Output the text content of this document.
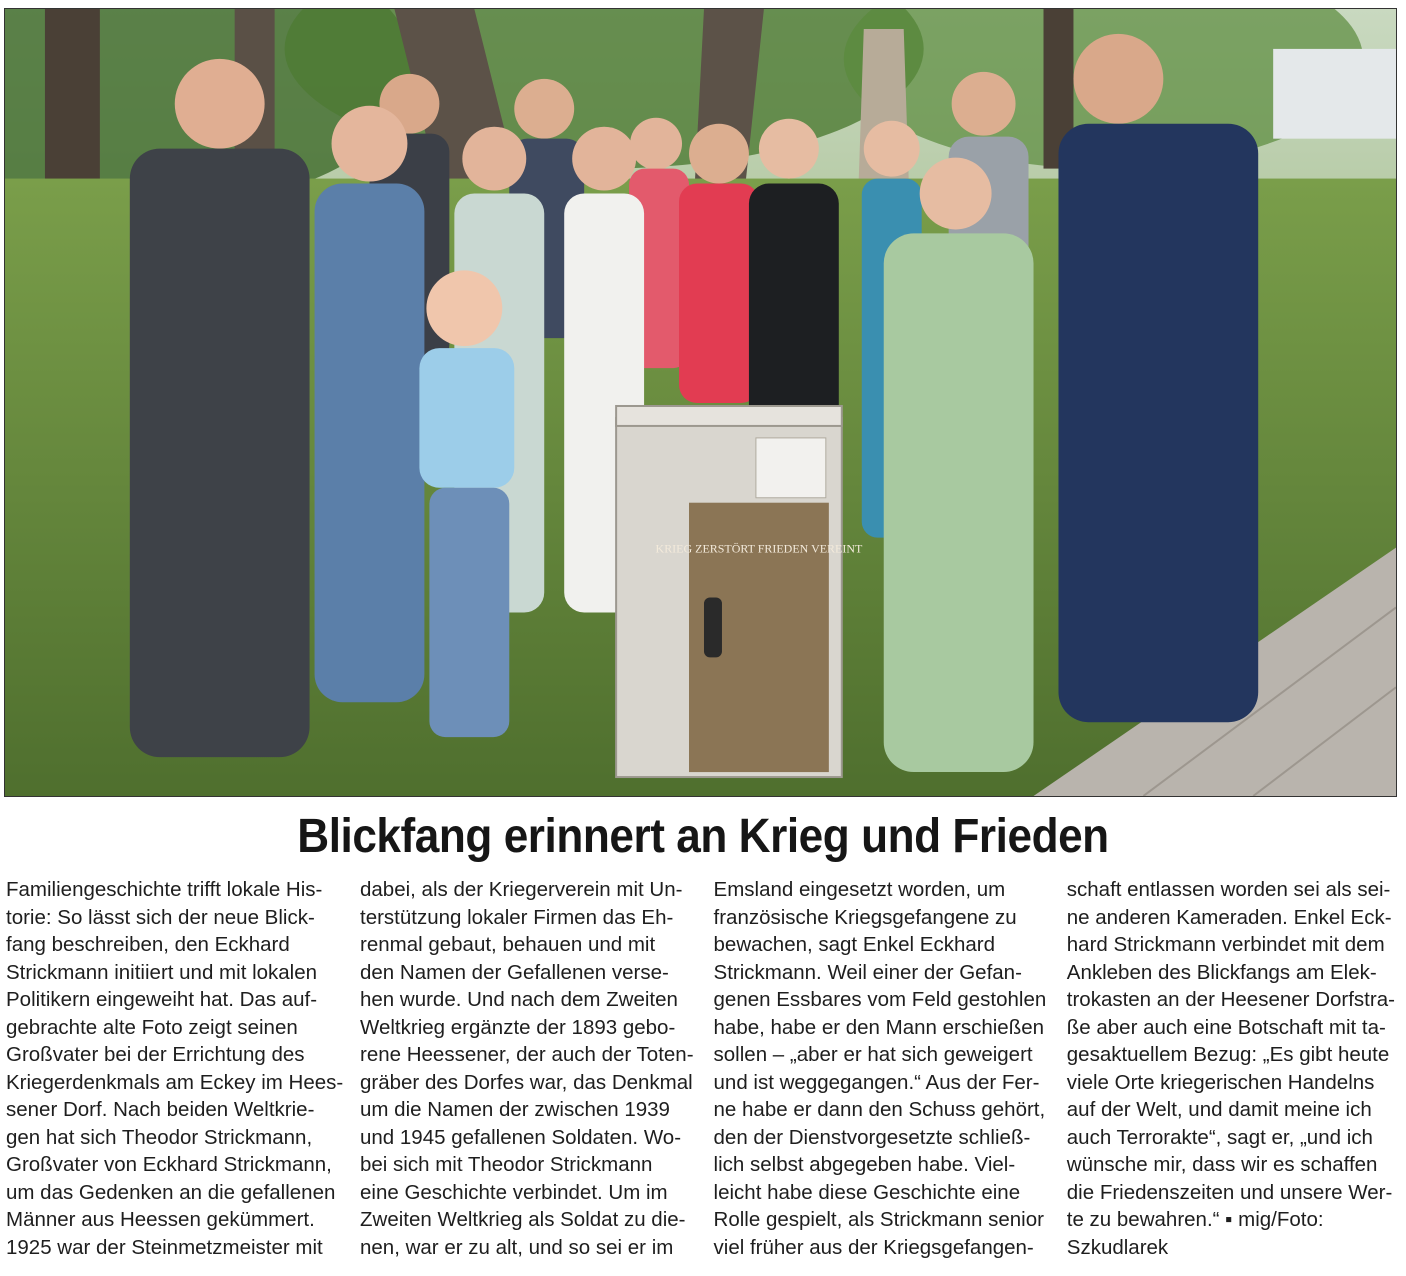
KRIEG ZERSTÖRT FRIEDEN VEREINT
Blickfang erinnert an Krieg und Frieden
Familiengeschichte trifft lokale His-
torie: So lässt sich der neue Blick-
fang beschreiben, den Eckhard
Strickmann initiiert und mit lokalen
Politikern eingeweiht hat. Das auf-
gebrachte alte Foto zeigt seinen
Großvater bei der Errichtung des
Kriegerdenkmals am Eckey im Hees-
sener Dorf. Nach beiden Weltkrie-
gen hat sich Theodor Strickmann,
Großvater von Eckhard Strickmann,
um das Gedenken an die gefallenen
Männer aus Heessen gekümmert.
1925 war der Steinmetzmeister mit
dabei, als der Kriegerverein mit Un-
terstützung lokaler Firmen das Eh-
renmal gebaut, behauen und mit
den Namen der Gefallenen verse-
hen wurde. Und nach dem Zweiten
Weltkrieg ergänzte der 1893 gebo-
rene Heessener, der auch der Toten-
gräber des Dorfes war, das Denkmal
um die Namen der zwischen 1939
und 1945 gefallenen Soldaten. Wo-
bei sich mit Theodor Strickmann
eine Geschichte verbindet. Um im
Zweiten Weltkrieg als Soldat zu die-
nen, war er zu alt, und so sei er im
Emsland eingesetzt worden, um
französische Kriegsgefangene zu
bewachen, sagt Enkel Eckhard
Strickmann. Weil einer der Gefan-
genen Essbares vom Feld gestohlen
habe, habe er den Mann erschießen
sollen – „aber er hat sich geweigert
und ist weggegangen.“ Aus der Fer-
ne habe er dann den Schuss gehört,
den der Dienstvorgesetzte schließ-
lich selbst abgegeben habe. Viel-
leicht habe diese Geschichte eine
Rolle gespielt, als Strickmann senior
viel früher aus der Kriegsgefangen-
schaft entlassen worden sei als sei-
ne anderen Kameraden. Enkel Eck-
hard Strickmann verbindet mit dem
Ankleben des Blickfangs am Elek-
trokasten an der Heesener Dorfstra-
ße aber auch eine Botschaft mit ta-
gesaktuellem Bezug: „Es gibt heute
viele Orte kriegerischen Handelns
auf der Welt, und damit meine ich
auch Terrorakte“, sagt er, „und ich
wünsche mir, dass wir es schaffen
die Friedenszeiten und unsere Wer-
te zu bewahren.“ ▪ mig/Foto:
Szkudlarek
